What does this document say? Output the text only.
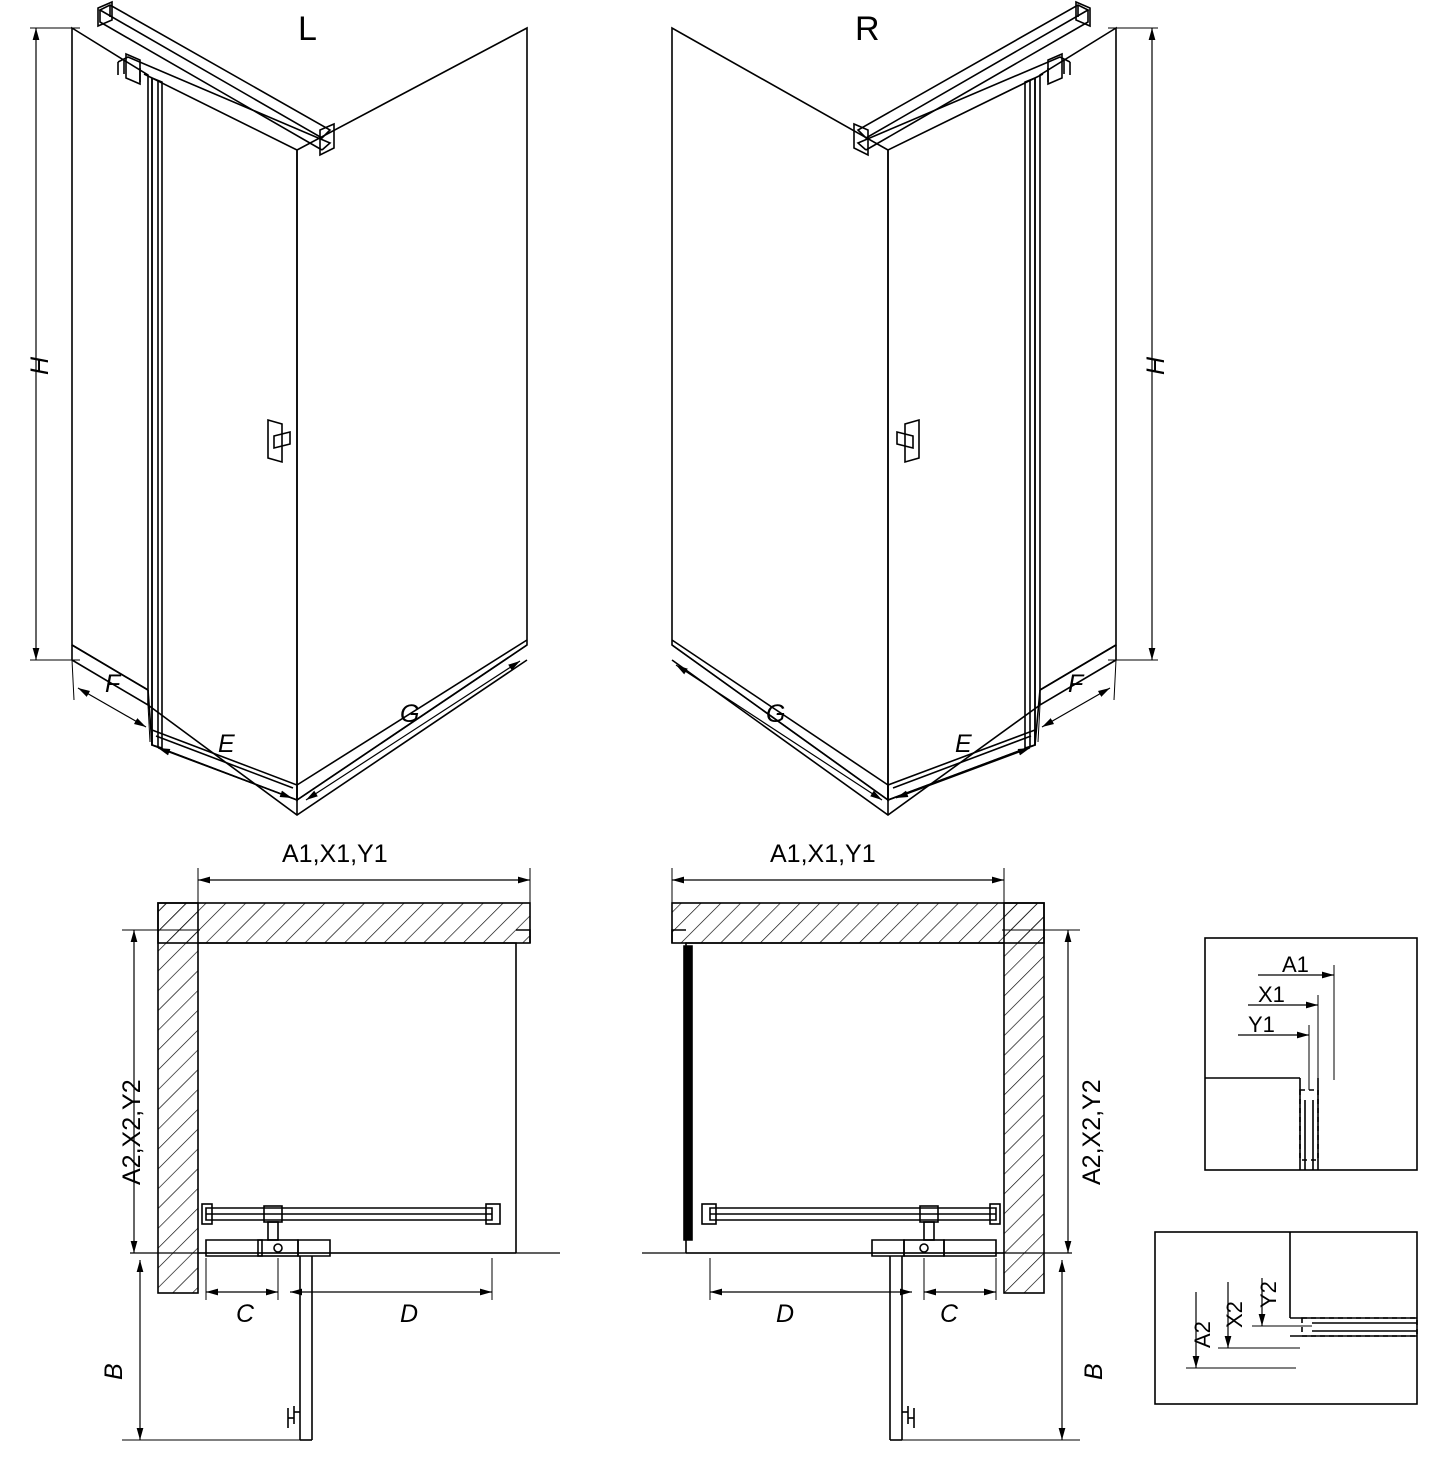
L	R
H
F
E
G
H
F
E
G
A1,X1,Y1
A2,X2,Y2
C	D
B
A1,X1,Y1
A2,X2,Y2
D	C
B
A1
X1
Y1
A2
X2
Y2
